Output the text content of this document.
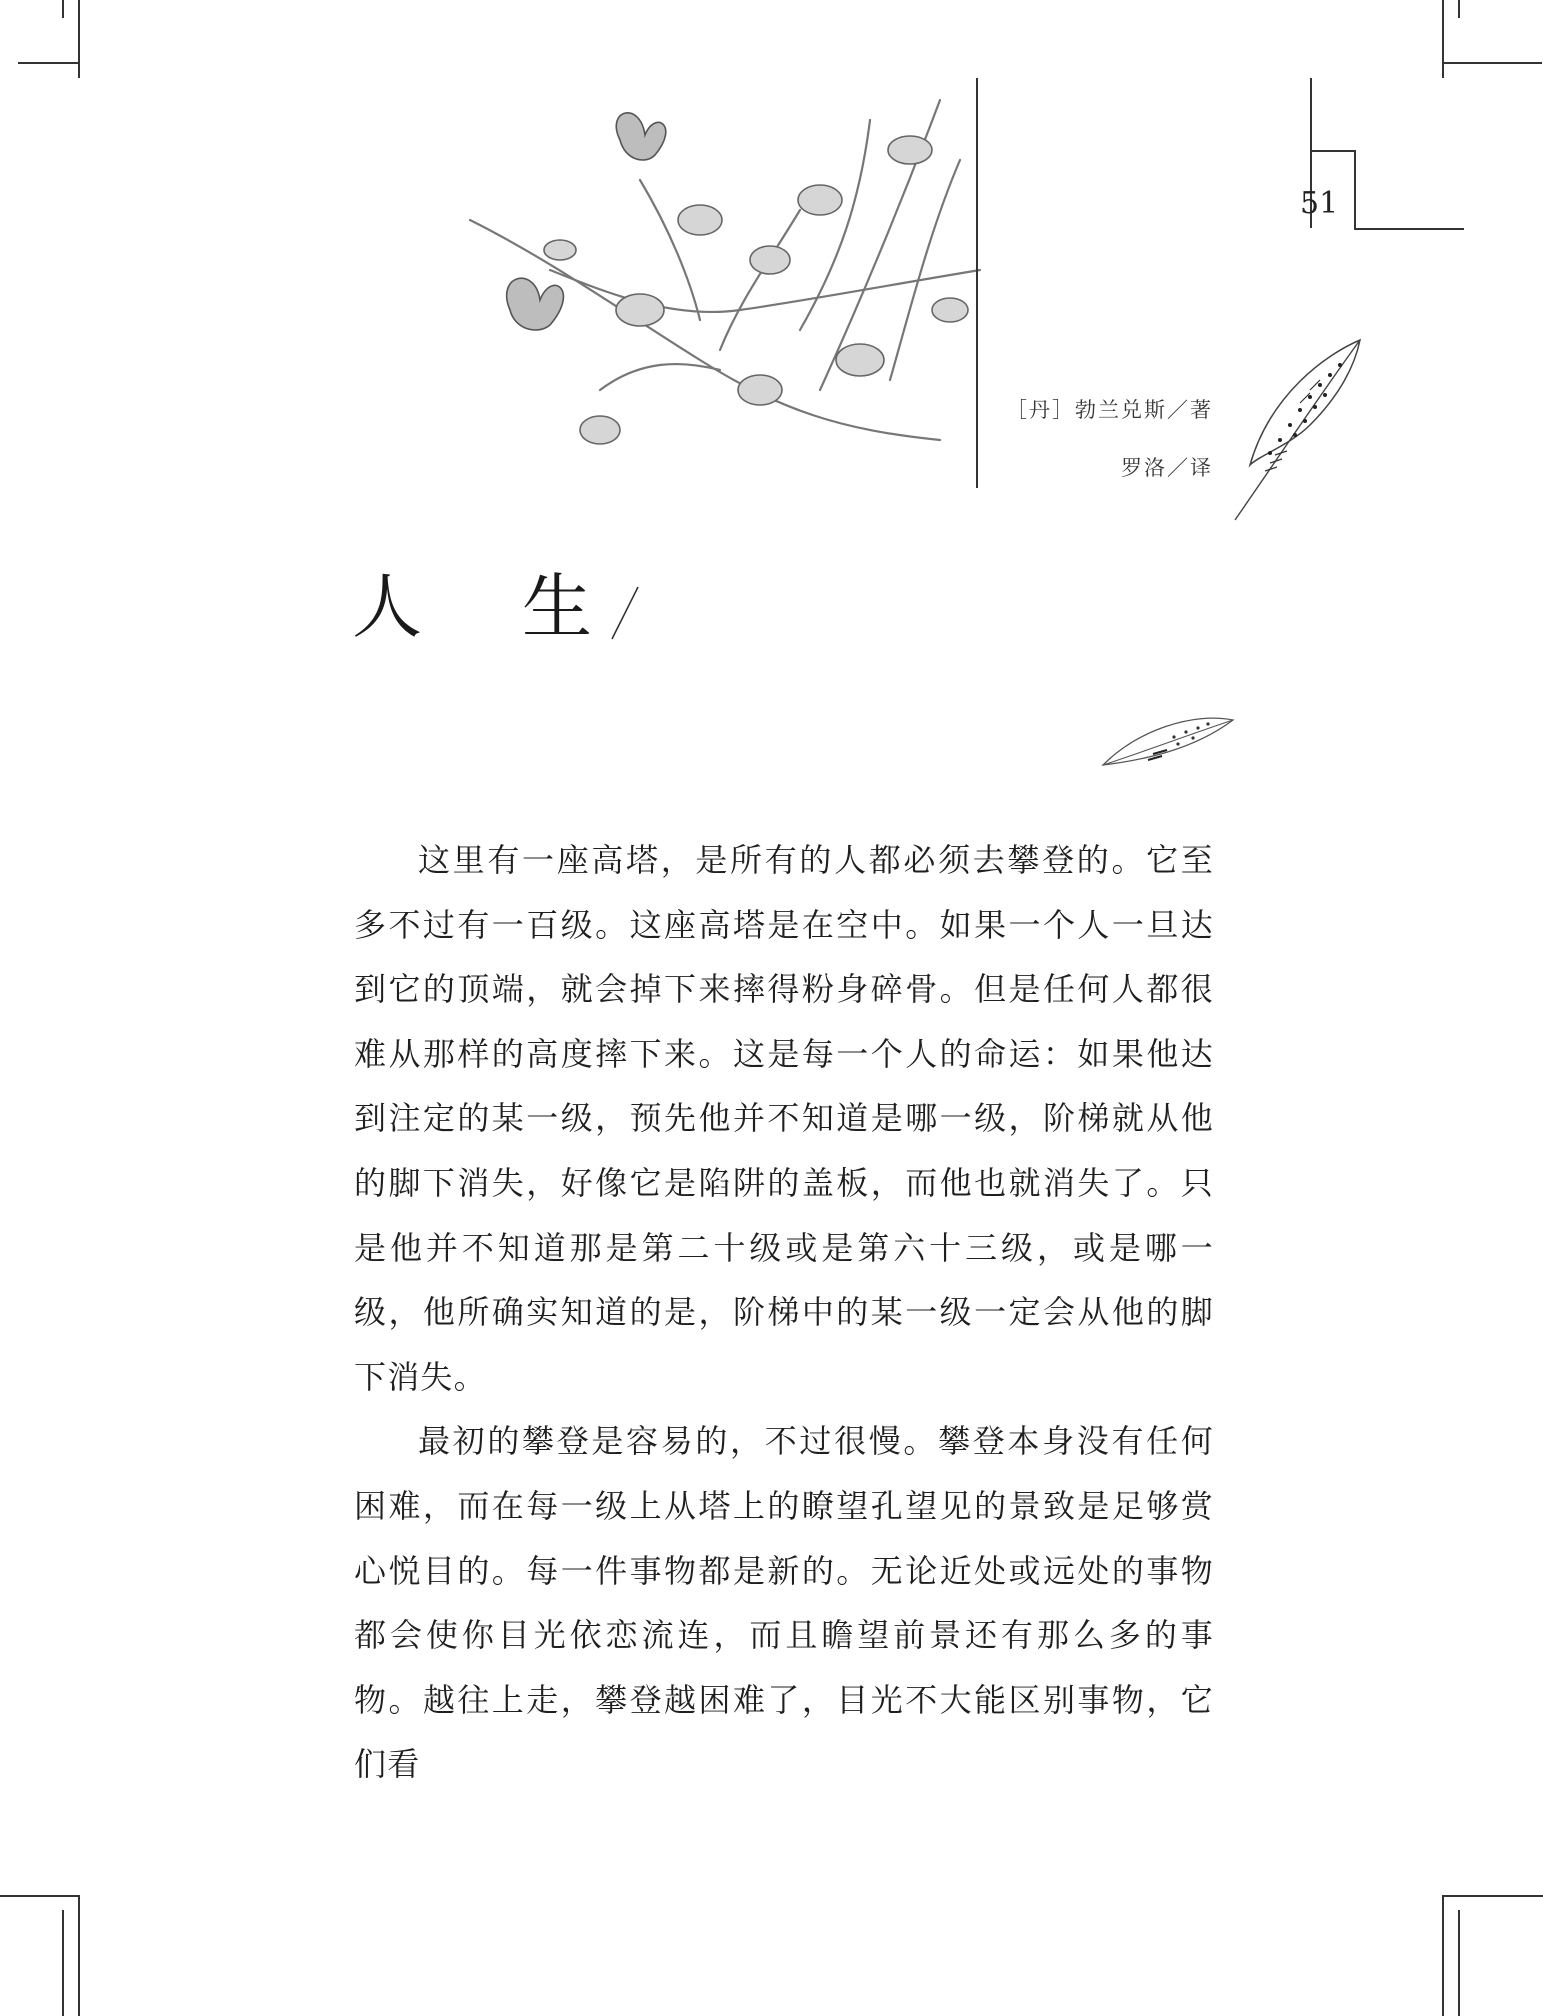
51
［丹］勃兰兑斯／著
罗洛／译
人 生

这里有一座高塔，是所有的人都必须去攀登的。它至多不过有一百级。这座高塔是在空中。如果一个人一旦达到它的顶端，就会掉下来摔得粉身碎骨。但是任何人都很难从那样的高度摔下来。这是每一个人的命运：如果他达到注定的某一级，预先他并不知道是哪一级，阶梯就从他的脚下消失，好像它是陷阱的盖板，而他也就消失了。只是他并不知道那是第二十级或是第六十三级，或是哪一级，他所确实知道的是，阶梯中的某一级一定会从他的脚下消失。

最初的攀登是容易的，不过很慢。攀登本身没有任何困难，而在每一级上从塔上的瞭望孔望见的景致是足够赏心悦目的。每一件事物都是新的。无论近处或远处的事物都会使你目光依恋流连，而且瞻望前景还有那么多的事物。越往上走，攀登越困难了，目光不大能区别事物，它们看
